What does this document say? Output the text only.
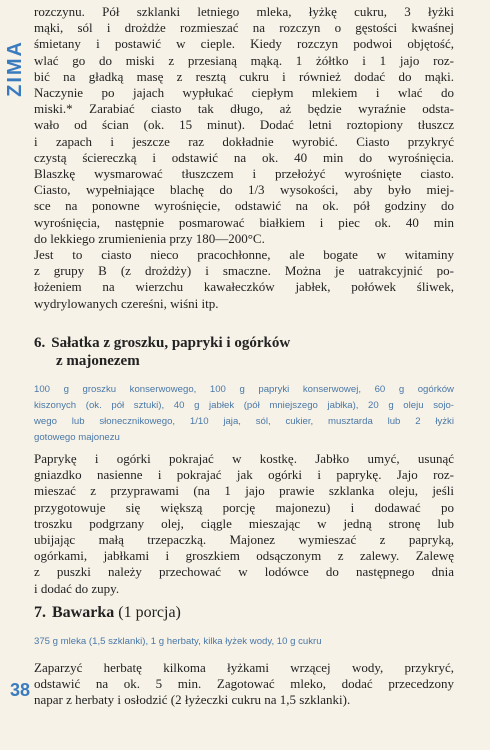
ZIMA

rozczynu. Pół szklanki letniego mleka, łyżkę cukru, 3 łyżki
mąki, sól i drożdże rozmieszać na rozczyn o gęstości kwaśnej
śmietany i postawić w cieple. Kiedy rozczyn podwoi objętość,
wlać go do miski z przesianą mąką. 1 żółtko i 1 jajo roz-
bić na gładką masę z resztą cukru i również dodać do mąki.
Naczynie po jajach wypłukać ciepłym mlekiem i wlać do
miski.* Zarabiać ciasto tak długo, aż będzie wyraźnie odsta-
wało od ścian (ok. 15 minut). Dodać letni roztopiony tłuszcz
i zapach i jeszcze raz dokładnie wyrobić. Ciasto przykryć
czystą ściereczką i odstawić na ok. 40 min do wyrośnięcia.
Blaszkę wysmarować tłuszczem i przełożyć wyrośnięte ciasto.
Ciasto, wypełniające blachę do 1/3 wysokości, aby było miej-
sce na ponowne wyrośnięcie, odstawić na ok. pół godziny do
wyrośnięcia, następnie posmarować białkiem i piec ok. 40 min
do lekkiego zrumienienia przy 180—200°C.

Jest to ciasto nieco pracochłonne, ale bogate w witaminy
z grupy B (z drożdży) i smaczne. Można je uatrakcyjnić po-
łożeniem na wierzchu kawałeczków jabłek, połówek śliwek,
wydrylowanych czereśni, wiśni itp.

6. Sałatka z groszku, papryki i ogórków

z majonezem

100 g groszku konserwowego, 100 g papryki konserwowej, 60 g ogórków
kiszonych (ok. pół sztuki), 40 g jabłek (pół mniejszego jabłka), 20 g oleju sojo-
wego lub słonecznikowego, 1/10 jaja, sól, cukier, musztarda lub 2 łyżki
gotowego majonezu

Paprykę i ogórki pokrajać w kostkę. Jabłko umyć, usunąć
gniazdko nasienne i pokrajać jak ogórki i paprykę. Jajo roz-
mieszać z przyprawami (na 1 jajo prawie szklanka oleju, jeśli
przygotowuje się większą porcję majonezu) i dodawać po
troszku podgrzany olej, ciągle mieszając w jedną stronę lub
ubijając małą trzepaczką. Majonez wymieszać z papryką,
ogórkami, jabłkami i groszkiem odsączonym z zalewy. Zalewę
z puszki należy przechować w lodówce do następnego dnia
i dodać do zupy.

7. Bawarka (1 porcja)

375 g mleka (1,5 szklanki), 1 g herbaty, kilka łyżek wody, 10 g cukru

Zaparzyć herbatę kilkoma łyżkami wrzącej wody, przykryć,
odstawić na ok. 5 min. Zagotować mleko, dodać przecedzony
napar z herbaty i osłodzić (2 łyżeczki cukru na 1,5 szklanki).

38
